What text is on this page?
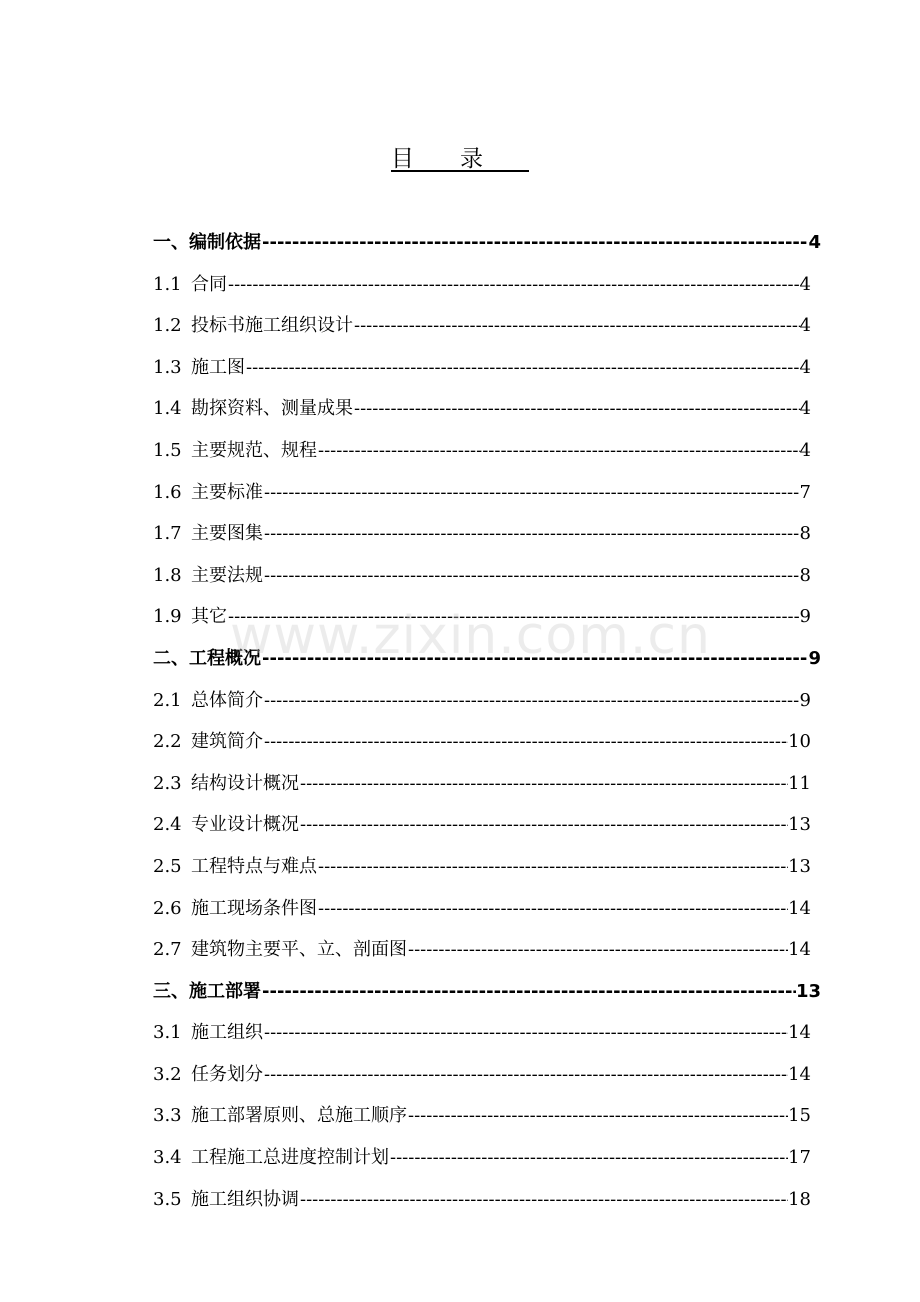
目录
一、编制依据 -----	4
1.1 合同 -----	4
1.2 投标书施工组织设计 -----	4
1.3 施工图 -----	4
1.4 勘探资料、测量成果 -----	4
1.5 主要规范、规程 -----	4
1.6 主要标准 -----	7
1.7 主要图集 -----	8
1.8 主要法规 -----	8
1.9 其它 -----	9
二、工程概况 -----	9
2.1 总体简介 -----	9
2.2 建筑简介 -----	10
2.3 结构设计概况 -----	11
2.4 专业设计概况 -----	13
2.5 工程特点与难点 -----	13
2.6 施工现场条件图 -----	14
2.7 建筑物主要平、立、剖面图 -----	14
三、施工部署 -----	13
3.1 施工组织 -----	14
3.2 任务划分 -----	14
3.3 施工部署原则、总施工顺序 -----	15
3.4 工程施工总进度控制计划 -----	17
3.5 施工组织协调 -----	18
www.zixin.com.cn
